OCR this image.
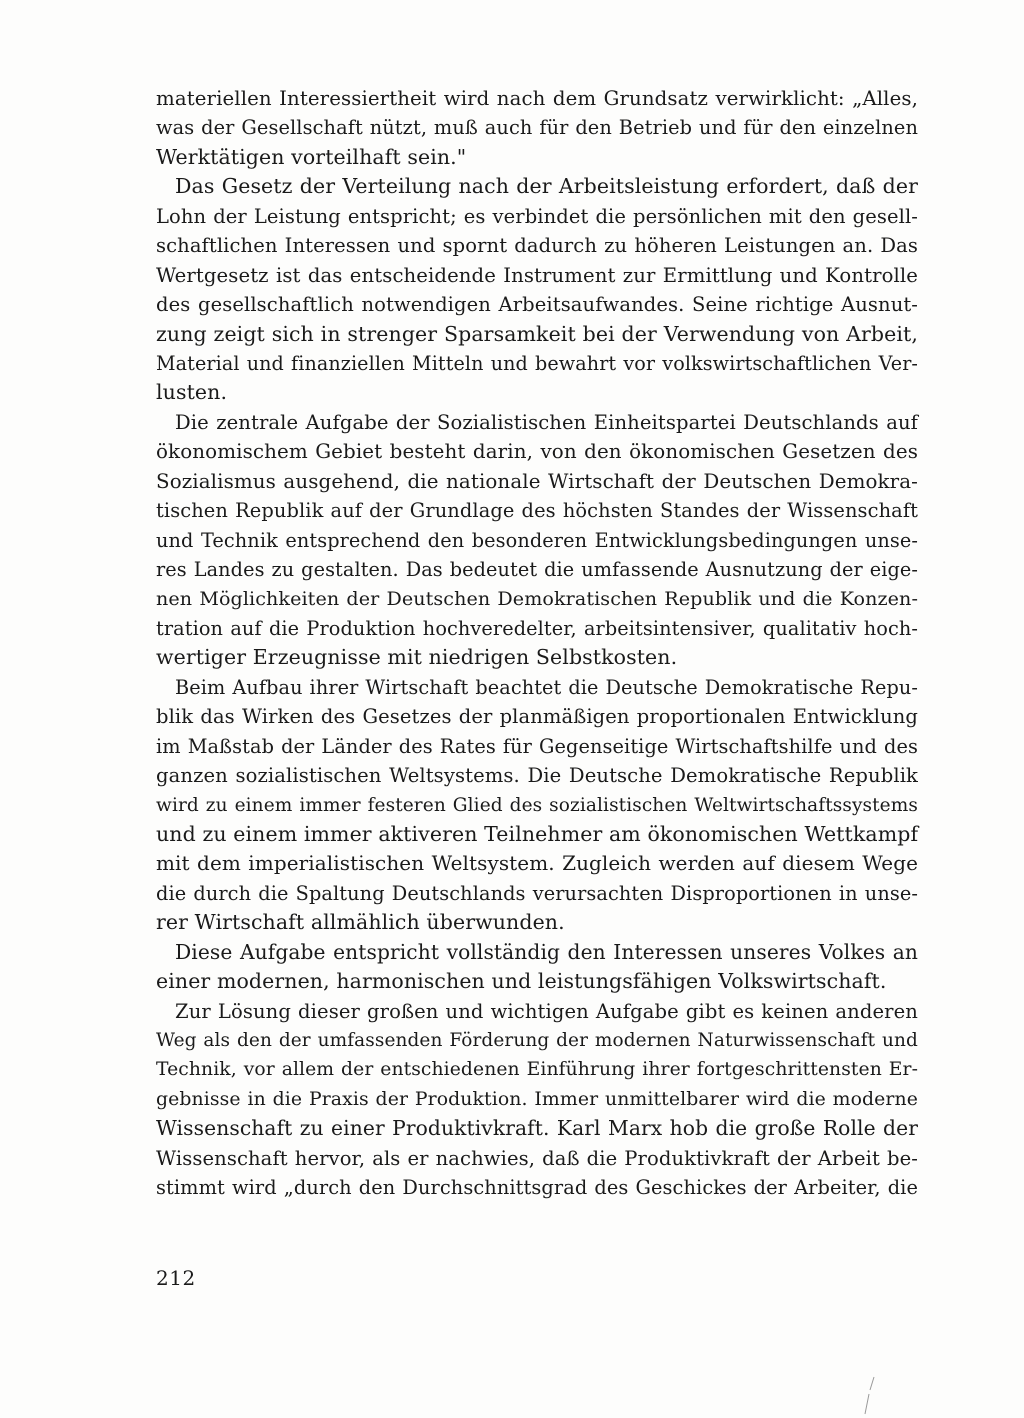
materiellen Interessiertheit wird nach dem Grundsatz verwirklicht: „Alles,
was der Gesellschaft nützt, muß auch für den Betrieb und für den einzelnen
Werktätigen vorteilhaft sein."
Das Gesetz der Verteilung nach der Arbeitsleistung erfordert, daß der
Lohn der Leistung entspricht; es verbindet die persönlichen mit den gesell-
schaftlichen Interessen und spornt dadurch zu höheren Leistungen an. Das
Wertgesetz ist das entscheidende Instrument zur Ermittlung und Kontrolle
des gesellschaftlich notwendigen Arbeitsaufwandes. Seine richtige Ausnut-
zung zeigt sich in strenger Sparsamkeit bei der Verwendung von Arbeit,
Material und finanziellen Mitteln und bewahrt vor volkswirtschaftlichen Ver-
lusten.
Die zentrale Aufgabe der Sozialistischen Einheitspartei Deutschlands auf
ökonomischem Gebiet besteht darin, von den ökonomischen Gesetzen des
Sozialismus ausgehend, die nationale Wirtschaft der Deutschen Demokra-
tischen Republik auf der Grundlage des höchsten Standes der Wissenschaft
und Technik entsprechend den besonderen Entwicklungsbedingungen unse-
res Landes zu gestalten. Das bedeutet die umfassende Ausnutzung der eige-
nen Möglichkeiten der Deutschen Demokratischen Republik und die Konzen-
tration auf die Produktion hochveredelter, arbeitsintensiver, qualitativ hoch-
wertiger Erzeugnisse mit niedrigen Selbstkosten.
Beim Aufbau ihrer Wirtschaft beachtet die Deutsche Demokratische Repu-
blik das Wirken des Gesetzes der planmäßigen proportionalen Entwicklung
im Maßstab der Länder des Rates für Gegenseitige Wirtschaftshilfe und des
ganzen sozialistischen Weltsystems. Die Deutsche Demokratische Republik
wird zu einem immer festeren Glied des sozialistischen Weltwirtschaftssystems
und zu einem immer aktiveren Teilnehmer am ökonomischen Wettkampf
mit dem imperialistischen Weltsystem. Zugleich werden auf diesem Wege
die durch die Spaltung Deutschlands verursachten Disproportionen in unse-
rer Wirtschaft allmählich überwunden.
Diese Aufgabe entspricht vollständig den Interessen unseres Volkes an
einer modernen, harmonischen und leistungsfähigen Volkswirtschaft.
Zur Lösung dieser großen und wichtigen Aufgabe gibt es keinen anderen
Weg als den der umfassenden Förderung der modernen Naturwissenschaft und
Technik, vor allem der entschiedenen Einführung ihrer fortgeschrittensten Er-
gebnisse in die Praxis der Produktion. Immer unmittelbarer wird die moderne
Wissenschaft zu einer Produktivkraft. Karl Marx hob die große Rolle der
Wissenschaft hervor, als er nachwies, daß die Produktivkraft der Arbeit be-
stimmt wird „durch den Durchschnittsgrad des Geschickes der Arbeiter, die
212
